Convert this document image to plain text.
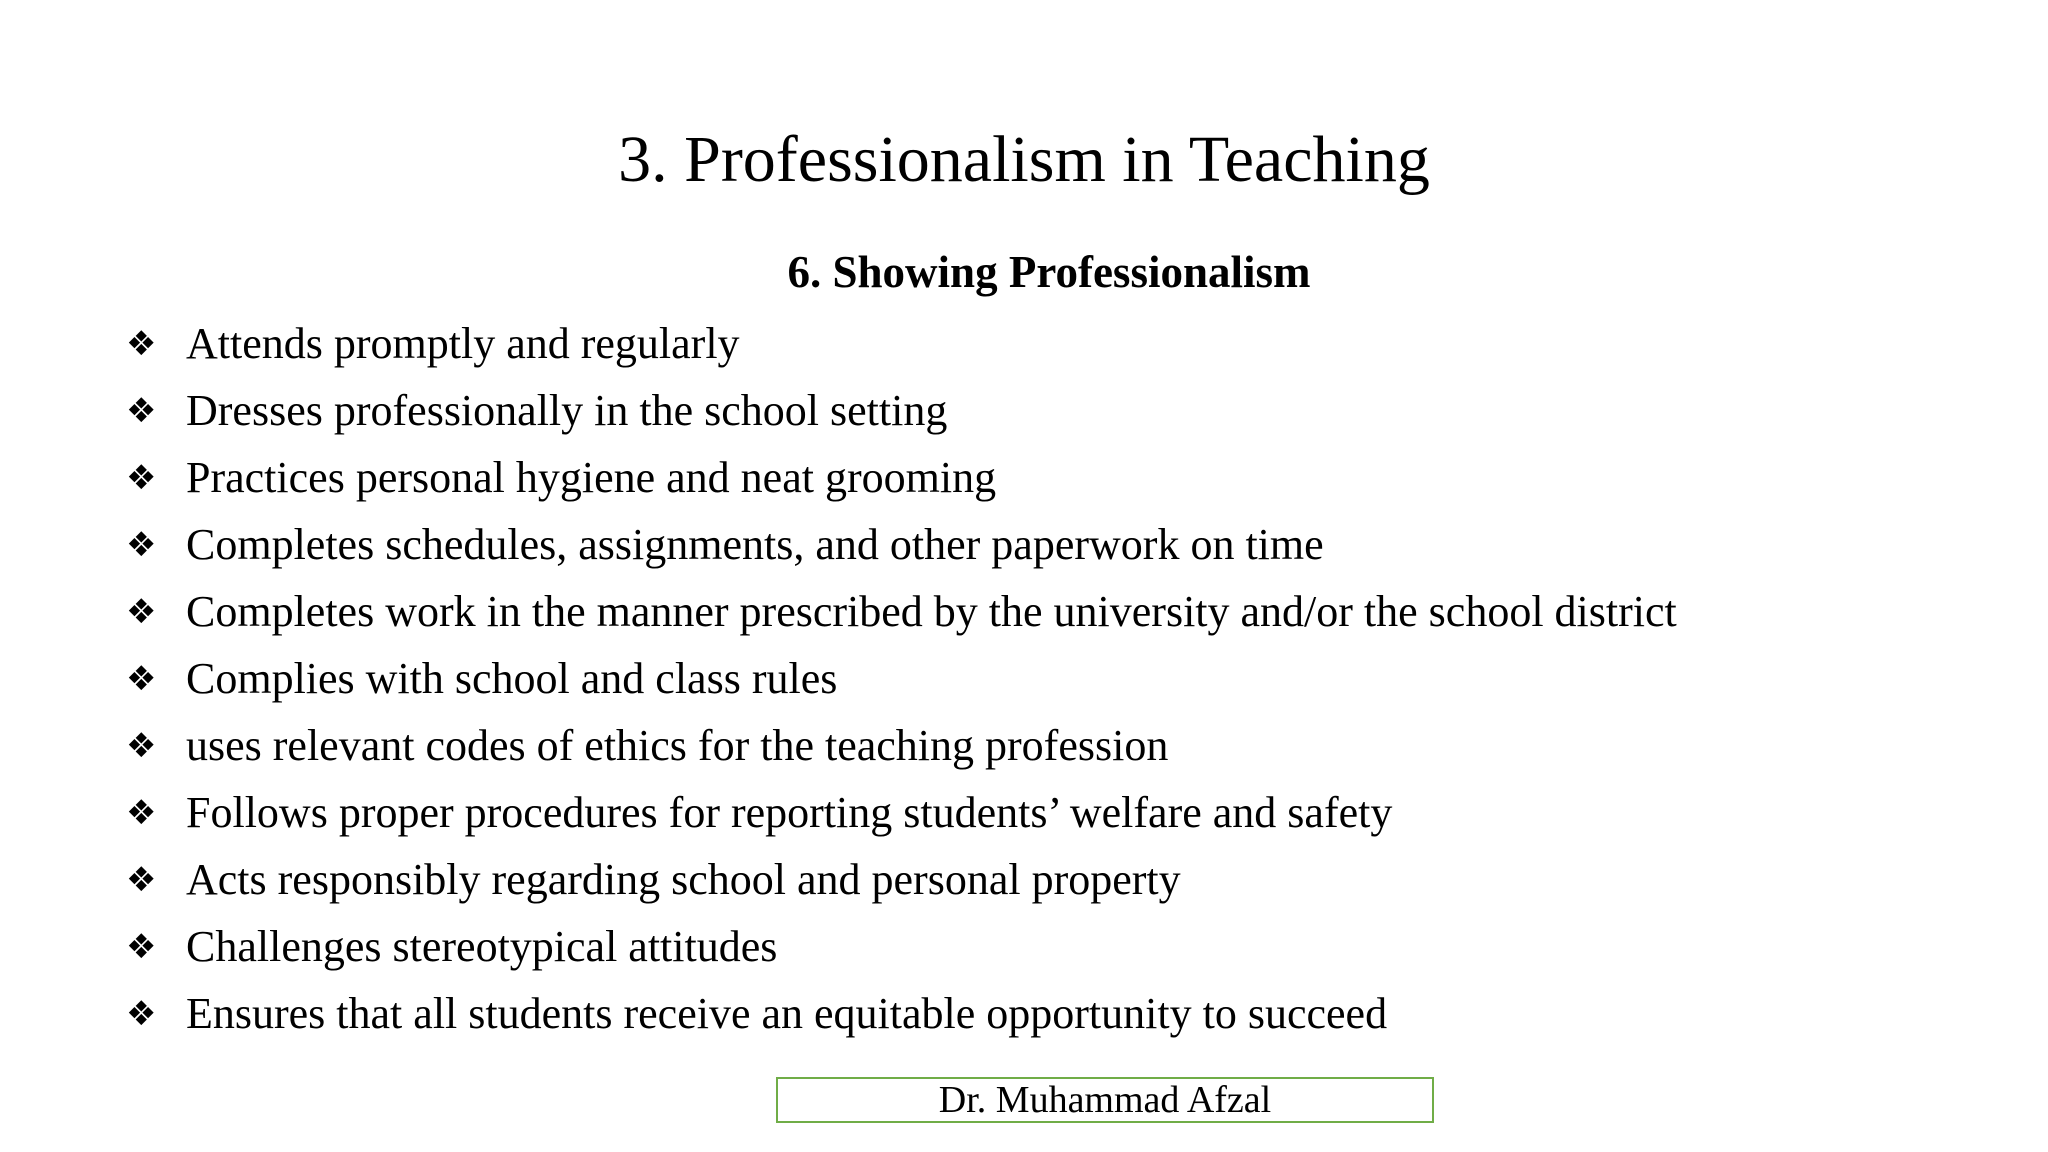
3. Professionalism in Teaching
6. Showing Professionalism
❖ Attends promptly and regularly
❖ Dresses professionally in the school setting
❖ Practices personal hygiene and neat grooming
❖ Completes schedules, assignments, and other paperwork on time
❖ Completes work in the manner prescribed by the university and/or the school district
❖ Complies with school and class rules
❖ uses relevant codes of ethics for the teaching profession
❖ Follows proper procedures for reporting students’ welfare and safety
❖ Acts responsibly regarding school and personal property
❖ Challenges stereotypical attitudes
❖ Ensures that all students receive an equitable opportunity to succeed
Dr. Muhammad Afzal
